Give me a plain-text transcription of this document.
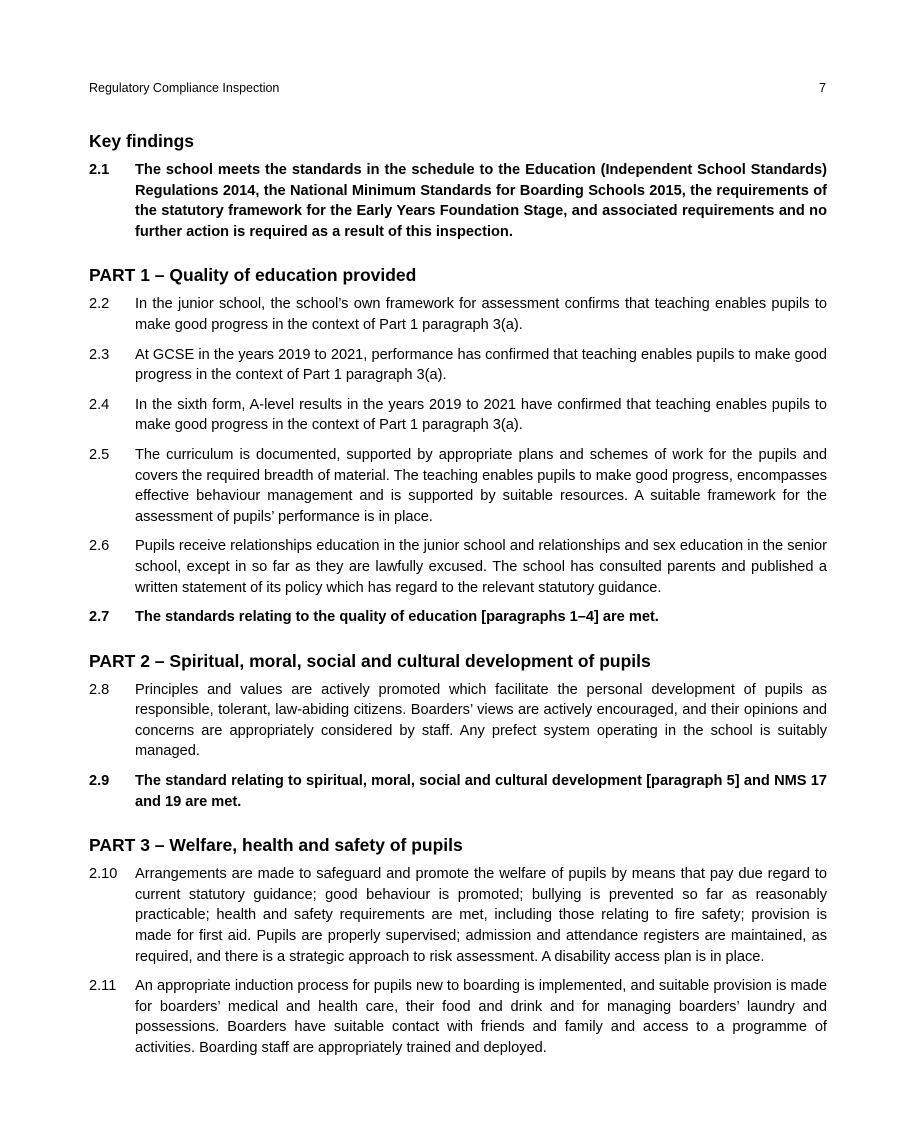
Regulatory Compliance Inspection	7
Key findings
2.1	The school meets the standards in the schedule to the Education (Independent School Standards) Regulations 2014, the National Minimum Standards for Boarding Schools 2015, the requirements of the statutory framework for the Early Years Foundation Stage, and associated requirements and no further action is required as a result of this inspection.
PART 1 – Quality of education provided
2.2	In the junior school, the school’s own framework for assessment confirms that teaching enables pupils to make good progress in the context of Part 1 paragraph 3(a).
2.3	At GCSE in the years 2019 to 2021, performance has confirmed that teaching enables pupils to make good progress in the context of Part 1 paragraph 3(a).
2.4	In the sixth form, A-level results in the years 2019 to 2021 have confirmed that teaching enables pupils to make good progress in the context of Part 1 paragraph 3(a).
2.5	The curriculum is documented, supported by appropriate plans and schemes of work for the pupils and covers the required breadth of material. The teaching enables pupils to make good progress, encompasses effective behaviour management and is supported by suitable resources. A suitable framework for the assessment of pupils’ performance is in place.
2.6	Pupils receive relationships education in the junior school and relationships and sex education in the senior school, except in so far as they are lawfully excused. The school has consulted parents and published a written statement of its policy which has regard to the relevant statutory guidance.
2.7	The standards relating to the quality of education [paragraphs 1–4] are met.
PART 2 – Spiritual, moral, social and cultural development of pupils
2.8	Principles and values are actively promoted which facilitate the personal development of pupils as responsible, tolerant, law-abiding citizens. Boarders’ views are actively encouraged, and their opinions and concerns are appropriately considered by staff. Any prefect system operating in the school is suitably managed.
2.9	The standard relating to spiritual, moral, social and cultural development [paragraph 5] and NMS 17 and 19 are met.
PART 3 – Welfare, health and safety of pupils
2.10	Arrangements are made to safeguard and promote the welfare of pupils by means that pay due regard to current statutory guidance; good behaviour is promoted; bullying is prevented so far as reasonably practicable; health and safety requirements are met, including those relating to fire safety; provision is made for first aid. Pupils are properly supervised; admission and attendance registers are maintained, as required, and there is a strategic approach to risk assessment. A disability access plan is in place.
2.11	An appropriate induction process for pupils new to boarding is implemented, and suitable provision is made for boarders’ medical and health care, their food and drink and for managing boarders’ laundry and possessions. Boarders have suitable contact with friends and family and access to a programme of activities. Boarding staff are appropriately trained and deployed.
